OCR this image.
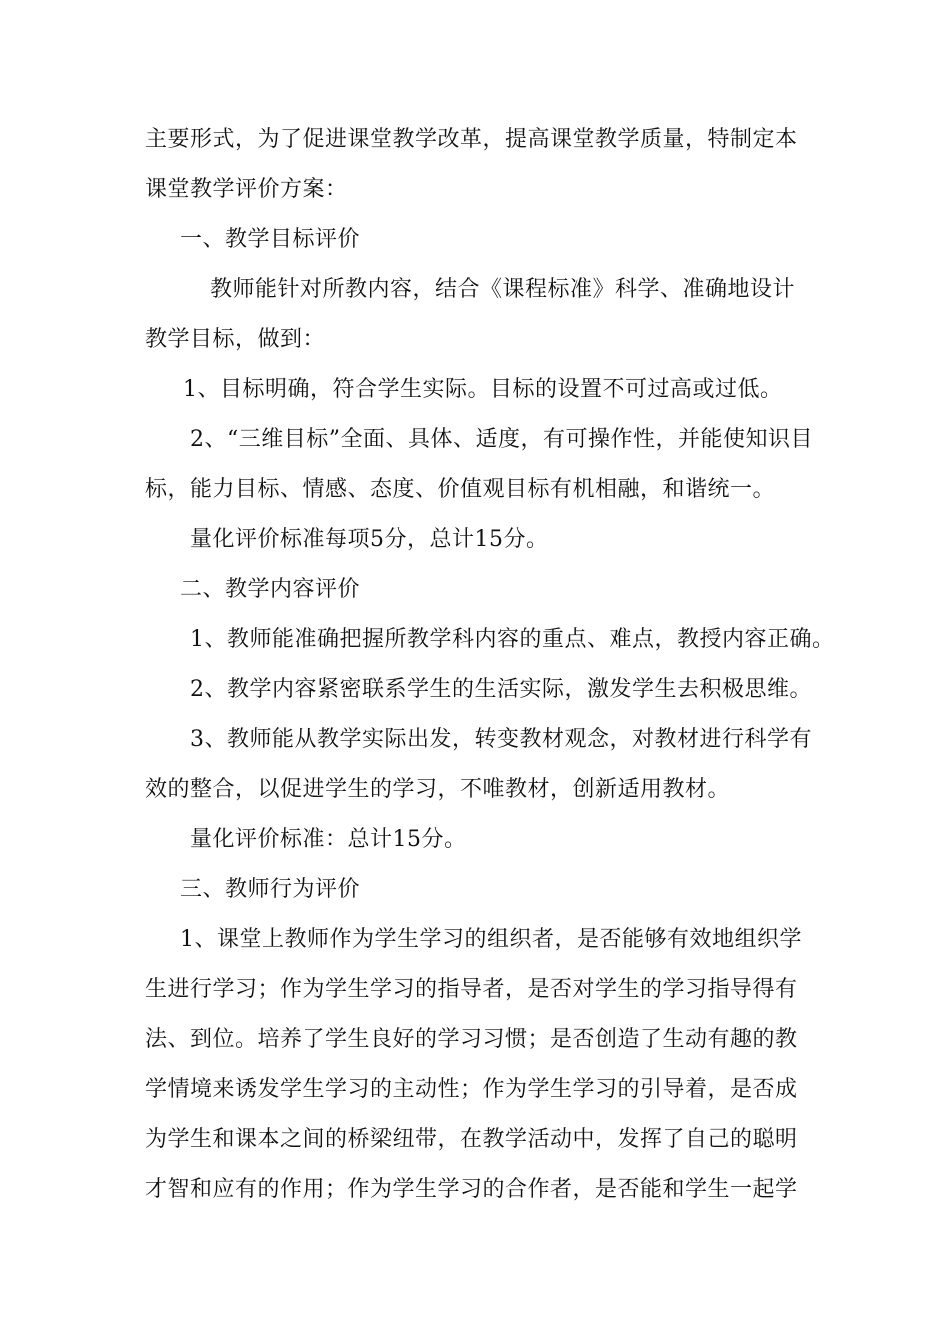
主要形式，为了促进课堂教学改革，提高课堂教学质量，特制定本
课堂教学评价方案：
一、教学目标评价
教师能针对所教内容，结合《课程标准》科学、准确地设计
教学目标，做到：
1、目标明确，符合学生实际。目标的设置不可过高或过低。
2、“三维目标”全面、具体、适度，有可操作性，并能使知识目
标，能力目标、情感、态度、价值观目标有机相融，和谐统一。
量化评价标准每项5分，总计15分。
二、教学内容评价
1、教师能准确把握所教学科内容的重点、难点，教授内容正确。
2、教学内容紧密联系学生的生活实际，激发学生去积极思维。
3、教师能从教学实际出发，转变教材观念，对教材进行科学有
效的整合，以促进学生的学习，不唯教材，创新适用教材。
量化评价标准：总计15分。
三、教师行为评价
1、课堂上教师作为学生学习的组织者，是否能够有效地组织学
生进行学习；作为学生学习的指导者，是否对学生的学习指导得有
法、到位。培养了学生良好的学习习惯；是否创造了生动有趣的教
学情境来诱发学生学习的主动性；作为学生学习的引导着，是否成
为学生和课本之间的桥梁纽带，在教学活动中，发挥了自己的聪明
才智和应有的作用；作为学生学习的合作者，是否能和学生一起学
